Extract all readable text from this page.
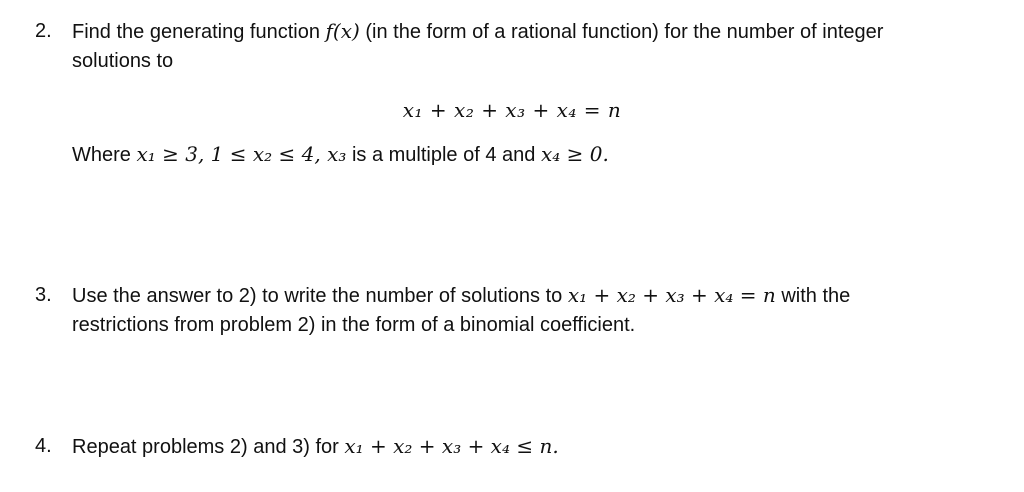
2. Find the generating function f(x) (in the form of a rational function) for the number of integer
solutions to
x₁ + x₂ + x₃ + x₄ = n
Where x₁ ≥ 3, 1 ≤ x₂ ≤ 4, x₃ is a multiple of 4 and x₄ ≥ 0.
3. Use the answer to 2) to write the number of solutions to x₁ + x₂ + x₃ + x₄ = n with the
restrictions from problem 2) in the form of a binomial coefficient.
4. Repeat problems 2) and 3) for x₁ + x₂ + x₃ + x₄ ≤ n.
